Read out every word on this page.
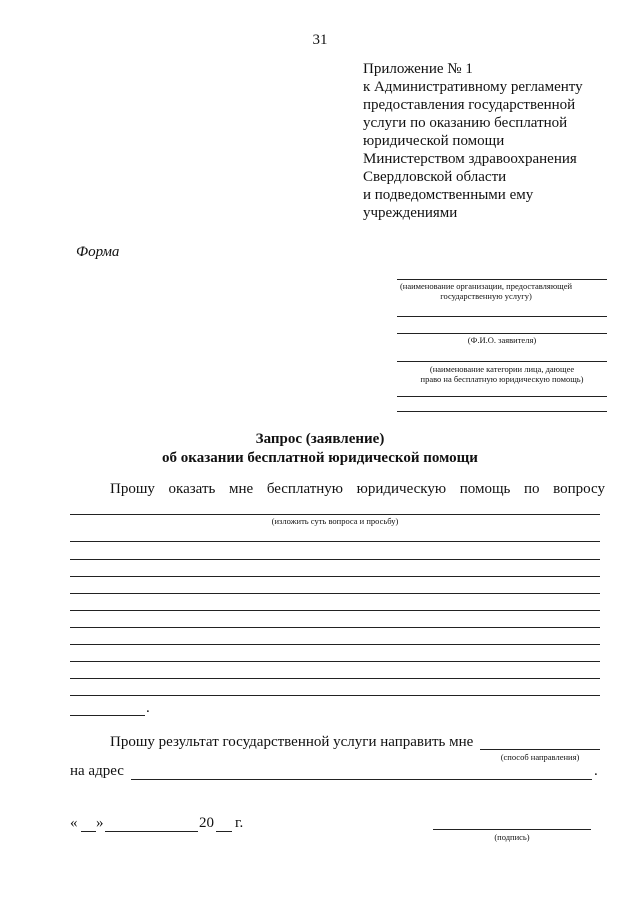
31
Приложение № 1
к Административному регламенту
предоставления государственной
услуги по оказанию бесплатной
юридической помощи
Министерством здравоохранения
Свердловской области
и подведомственными ему
учреждениями
Форма
(наименование организации, предоставляющей
государственную услугу)
(Ф.И.О. заявителя)
(наименование категории лица, дающее
право на бесплатную юридическую помощь)
Запрос (заявление)
об оказании бесплатной юридической помощи
Прошу оказать мне бесплатную юридическую помощь по вопросу
(изложить суть вопроса и просьбу)
.
Прошу результат государственной услуги направить мне
(способ направления)
на адрес	.
« »	20 г.
(подпись)
